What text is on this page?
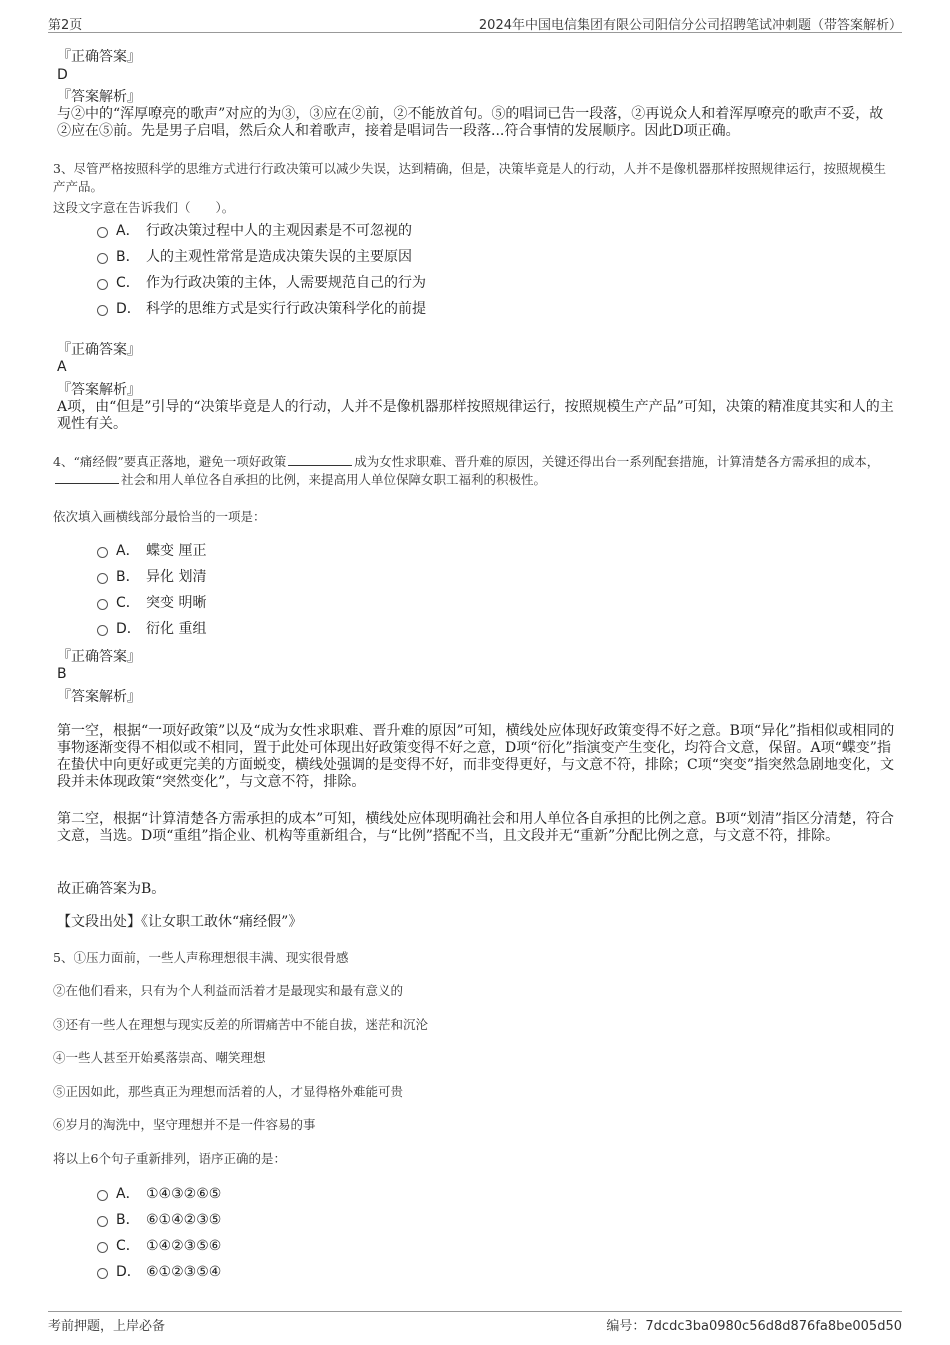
第2页	2024年中国电信集团有限公司阳信分公司招聘笔试冲刺题（带答案解析）
『正确答案』
D
『答案解析』
与②中的“浑厚嘹亮的歌声”对应的为③，③应在②前，②不能放首句。⑤的唱词已告一段落，②再说众人和着浑厚嘹亮的歌声不妥，故②应在⑤前。先是男子启唱，然后众人和着歌声，接着是唱词告一段落...符合事情的发展顺序。因此D项正确。
3、尽管严格按照科学的思维方式进行行政决策可以减少失误，达到精确，但是，决策毕竟是人的行动，人并不是像机器那样按照规律运行，按照规模生产产品。
这段文字意在告诉我们（　　）。
A． 行政决策过程中人的主观因素是不可忽视的
B． 人的主观性常常是造成决策失误的主要原因
C． 作为行政决策的主体，人需要规范自己的行为
D． 科学的思维方式是实行行政决策科学化的前提
『正确答案』
A
『答案解析』
A项，由“但是”引导的“决策毕竟是人的行动，人并不是像机器那样按照规律运行，按照规模生产产品”可知，决策的精准度其实和人的主观性有关。
4、“痛经假”要真正落地，避免一项好政策	成为女性求职难、晋升难的原因，关键还得出台一系列配套措施，计算清楚各方需承担的成本，社会和用人单位各自承担的比例，来提高用人单位保障女职工福利的积极性。
依次填入画横线部分最恰当的一项是：
A． 蝶变 厘正
B． 异化 划清
C． 突变 明晰
D． 衍化 重组
『正确答案』
B
『答案解析』
第一空，根据“一项好政策”以及“成为女性求职难、晋升难的原因”可知，横线处应体现好政策变得不好之意。B项“异化”指相似或相同的事物逐渐变得不相似或不相同，置于此处可体现出好政策变得不好之意，D项“衍化”指演变产生变化，均符合文意，保留。A项“蝶变”指在蛰伏中向更好或更完美的方面蜕变，横线处强调的是变得不好，而非变得更好，与文意不符，排除；C项“突变”指突然急剧地变化，文段并未体现政策“突然变化”，与文意不符，排除。
第二空，根据“计算清楚各方需承担的成本”可知，横线处应体现明确社会和用人单位各自承担的比例之意。B项“划清”指区分清楚，符合文意，当选。D项“重组”指企业、机构等重新组合，与“比例”搭配不当，且文段并无“重新”分配比例之意，与文意不符，排除。
故正确答案为B。
【文段出处】《让女职工敢休“痛经假”》
5、①压力面前，一些人声称理想很丰满、现实很骨感
②在他们看来，只有为个人利益而活着才是最现实和最有意义的
③还有一些人在理想与现实反差的所谓痛苦中不能自拔，迷茫和沉沦
④一些人甚至开始奚落崇高、嘲笑理想
⑤正因如此，那些真正为理想而活着的人，才显得格外难能可贵
⑥岁月的淘洗中，坚守理想并不是一件容易的事
将以上6个句子重新排列，语序正确的是：
A． ①④③②⑥⑤
B． ⑥①④②③⑤
C． ①④②③⑤⑥
D． ⑥①②③⑤④
考前押题，上岸必备	编号：7dcdc3ba0980c56d8d876fa8be005d50
